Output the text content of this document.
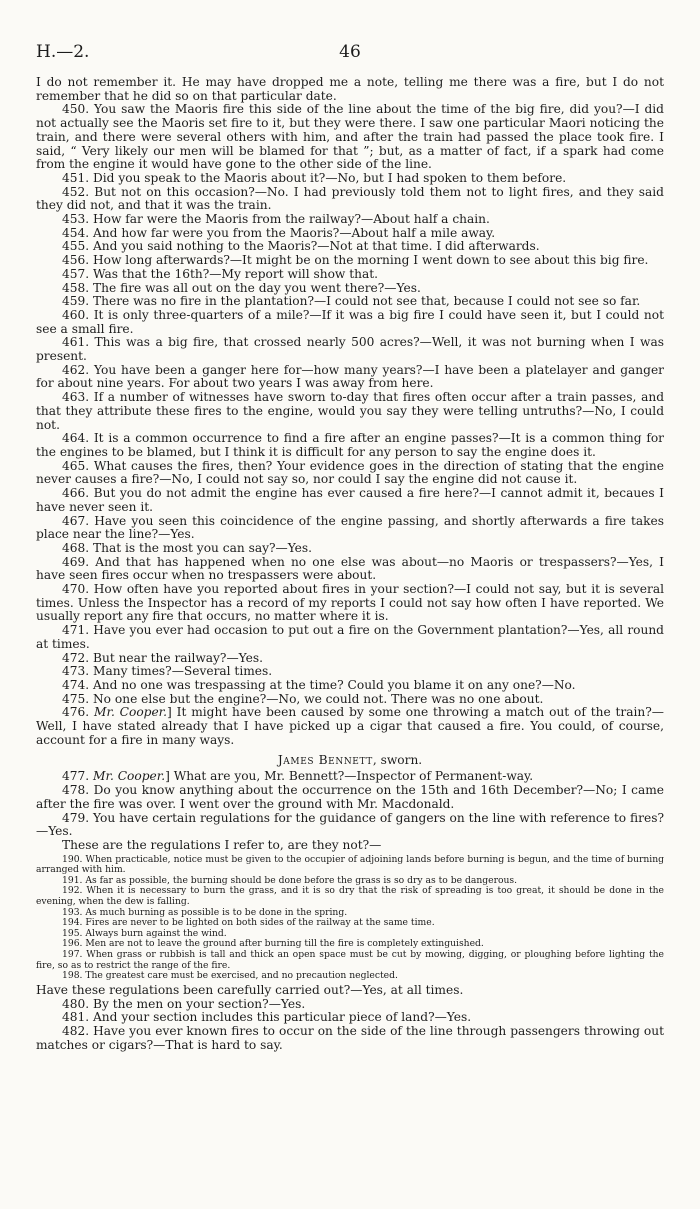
H.—2.	46

I do not remember it. He may have dropped me a note, telling me there was a fire, but I do not remember that he did so on that particular date.

450. You saw the Maoris fire this side of the line about the time of the big fire, did you?—I did not actually see the Maoris set fire to it, but they were there. I saw one particular Maori noticing the train, and there were several others with him, and after the train had passed the place took fire. I said, “ Very likely our men will be blamed for that ”; but, as a matter of fact, if a spark had come from the engine it would have gone to the other side of the line.

451. Did you speak to the Maoris about it?—No, but I had spoken to them before.

452. But not on this occasion?—No. I had previously told them not to light fires, and they said they did not, and that it was the train.

453. How far were the Maoris from the railway?—About half a chain.

454. And how far were you from the Maoris?—About half a mile away.

455. And you said nothing to the Maoris?—Not at that time. I did afterwards.

456. How long afterwards?—It might be on the morning I went down to see about this big fire.

457. Was that the 16th?—My report will show that.

458. The fire was all out on the day you went there?—Yes.

459. There was no fire in the plantation?—I could not see that, because I could not see so far.

460. It is only three-quarters of a mile?—If it was a big fire I could have seen it, but I could not see a small fire.

461. This was a big fire, that crossed nearly 500 acres?—Well, it was not burning when I was present.

462. You have been a ganger here for—how many years?—I have been a platelayer and ganger for about nine years. For about two years I was away from here.

463. If a number of witnesses have sworn to-day that fires often occur after a train passes, and that they attribute these fires to the engine, would you say they were telling untruths?—No, I could not.

464. It is a common occurrence to find a fire after an engine passes?—It is a common thing for the engines to be blamed, but I think it is difficult for any person to say the engine does it.

465. What causes the fires, then? Your evidence goes in the direction of stating that the engine never causes a fire?—No, I could not say so, nor could I say the engine did not cause it.

466. But you do not admit the engine has ever caused a fire here?—I cannot admit it, becaues I have never seen it.

467. Have you seen this coincidence of the engine passing, and shortly afterwards a fire takes place near the line?—Yes.

468. That is the most you can say?—Yes.

469. And that has happened when no one else was about—no Maoris or trespassers?—Yes, I have seen fires occur when no trespassers were about.

470. How often have you reported about fires in your section?—I could not say, but it is several times. Unless the Inspector has a record of my reports I could not say how often I have reported. We usually report any fire that occurs, no matter where it is.

471. Have you ever had occasion to put out a fire on the Government plantation?—Yes, all round at times.

472. But near the railway?—Yes.

473. Many times?—Several times.

474. And no one was trespassing at the time? Could you blame it on any one?—No.

475. No one else but the engine?—No, we could not. There was no one about.

476. Mr. Cooper.] It might have been caused by some one throwing a match out of the train?—Well, I have stated already that I have picked up a cigar that caused a fire. You could, of course, account for a fire in many ways.

James Bennett, sworn.

477. Mr. Cooper.] What are you, Mr. Bennett?—Inspector of Permanent-way.

478. Do you know anything about the occurrence on the 15th and 16th December?—No; I came after the fire was over. I went over the ground with Mr. Macdonald.

479. You have certain regulations for the guidance of gangers on the line with reference to fires?—Yes.

These are the regulations I refer to, are they not?—

190. When practicable, notice must be given to the occupier of adjoining lands before burning is begun, and the time of burning arranged with him.

191. As far as possible, the burning should be done before the grass is so dry as to be dangerous.

192. When it is necessary to burn the grass, and it is so dry that the risk of spreading is too great, it should be done in the evening, when the dew is falling.

193. As much burning as possible is to be done in the spring.

194. Fires are never to be lighted on both sides of the railway at the same time.

195. Always burn against the wind.

196. Men are not to leave the ground after burning till the fire is completely extinguished.

197. When grass or rubbish is tall and thick an open space must be cut by mowing, digging, or ploughing before lighting the fire, so as to restrict the range of the fire.

198. The greatest care must be exercised, and no precaution neglected.

Have these regulations been carefully carried out?—Yes, at all times.

480. By the men on your section?—Yes.

481. And your section includes this particular piece of land?—Yes.

482. Have you ever known fires to occur on the side of the line through passengers throwing out matches or cigars?—That is hard to say.
